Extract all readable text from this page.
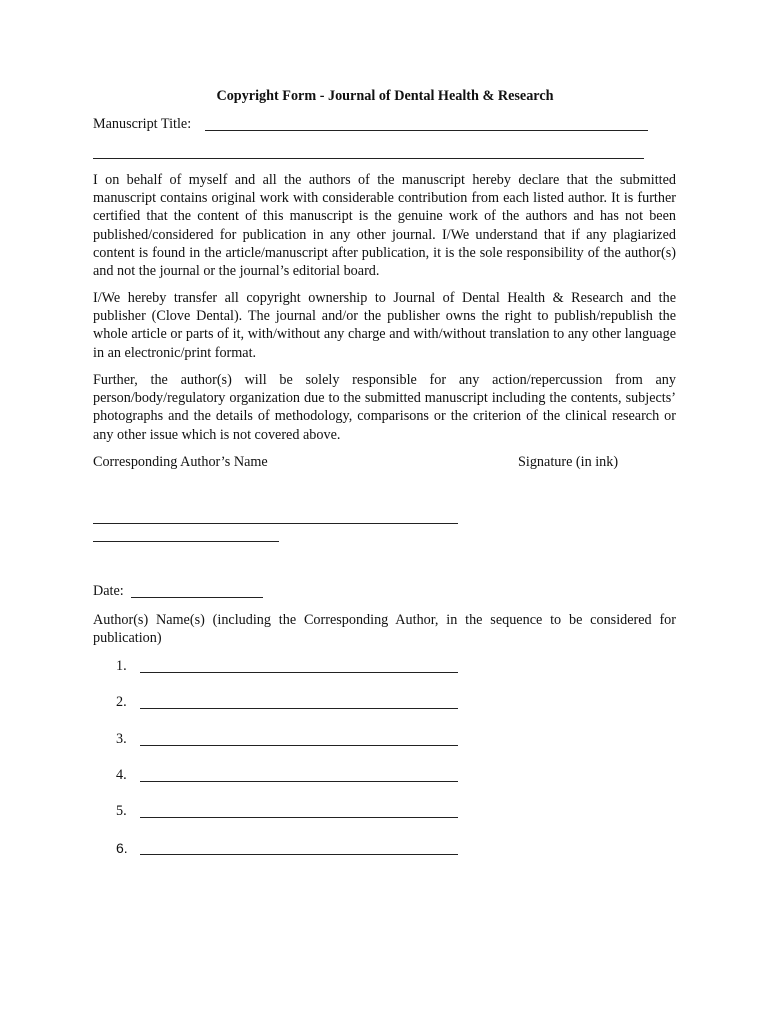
Copyright Form - Journal of Dental Health & Research
Manuscript Title:

I on behalf of myself and all the authors of the manuscript hereby declare that the submitted manuscript contains original work with considerable contribution from each listed author. It is further certified that the content of this manuscript is the genuine work of the authors and has not been published/considered for publication in any other journal. I/We understand that if any plagiarized content is found in the article/manuscript after publication, it is the sole responsibility of the author(s) and not the journal or the journal’s editorial board.

I/We hereby transfer all copyright ownership to Journal of Dental Health & Research and the publisher (Clove Dental). The journal and/or the publisher owns the right to publish/republish the whole article or parts of it, with/without any charge and with/without translation to any other language in an electronic/print format.

Further, the author(s) will be solely responsible for any action/repercussion from any person/body/regulatory organization due to the submitted manuscript including the contents, subjects’ photographs and the details of methodology, comparisons or the criterion of the clinical research or any other issue which is not covered above.

Corresponding Author’s Name	Signature (in ink)
Date:

Author(s) Name(s) (including the Corresponding Author, in the sequence to be considered for publication)

1.
2.
3.
4.
5.
6.
